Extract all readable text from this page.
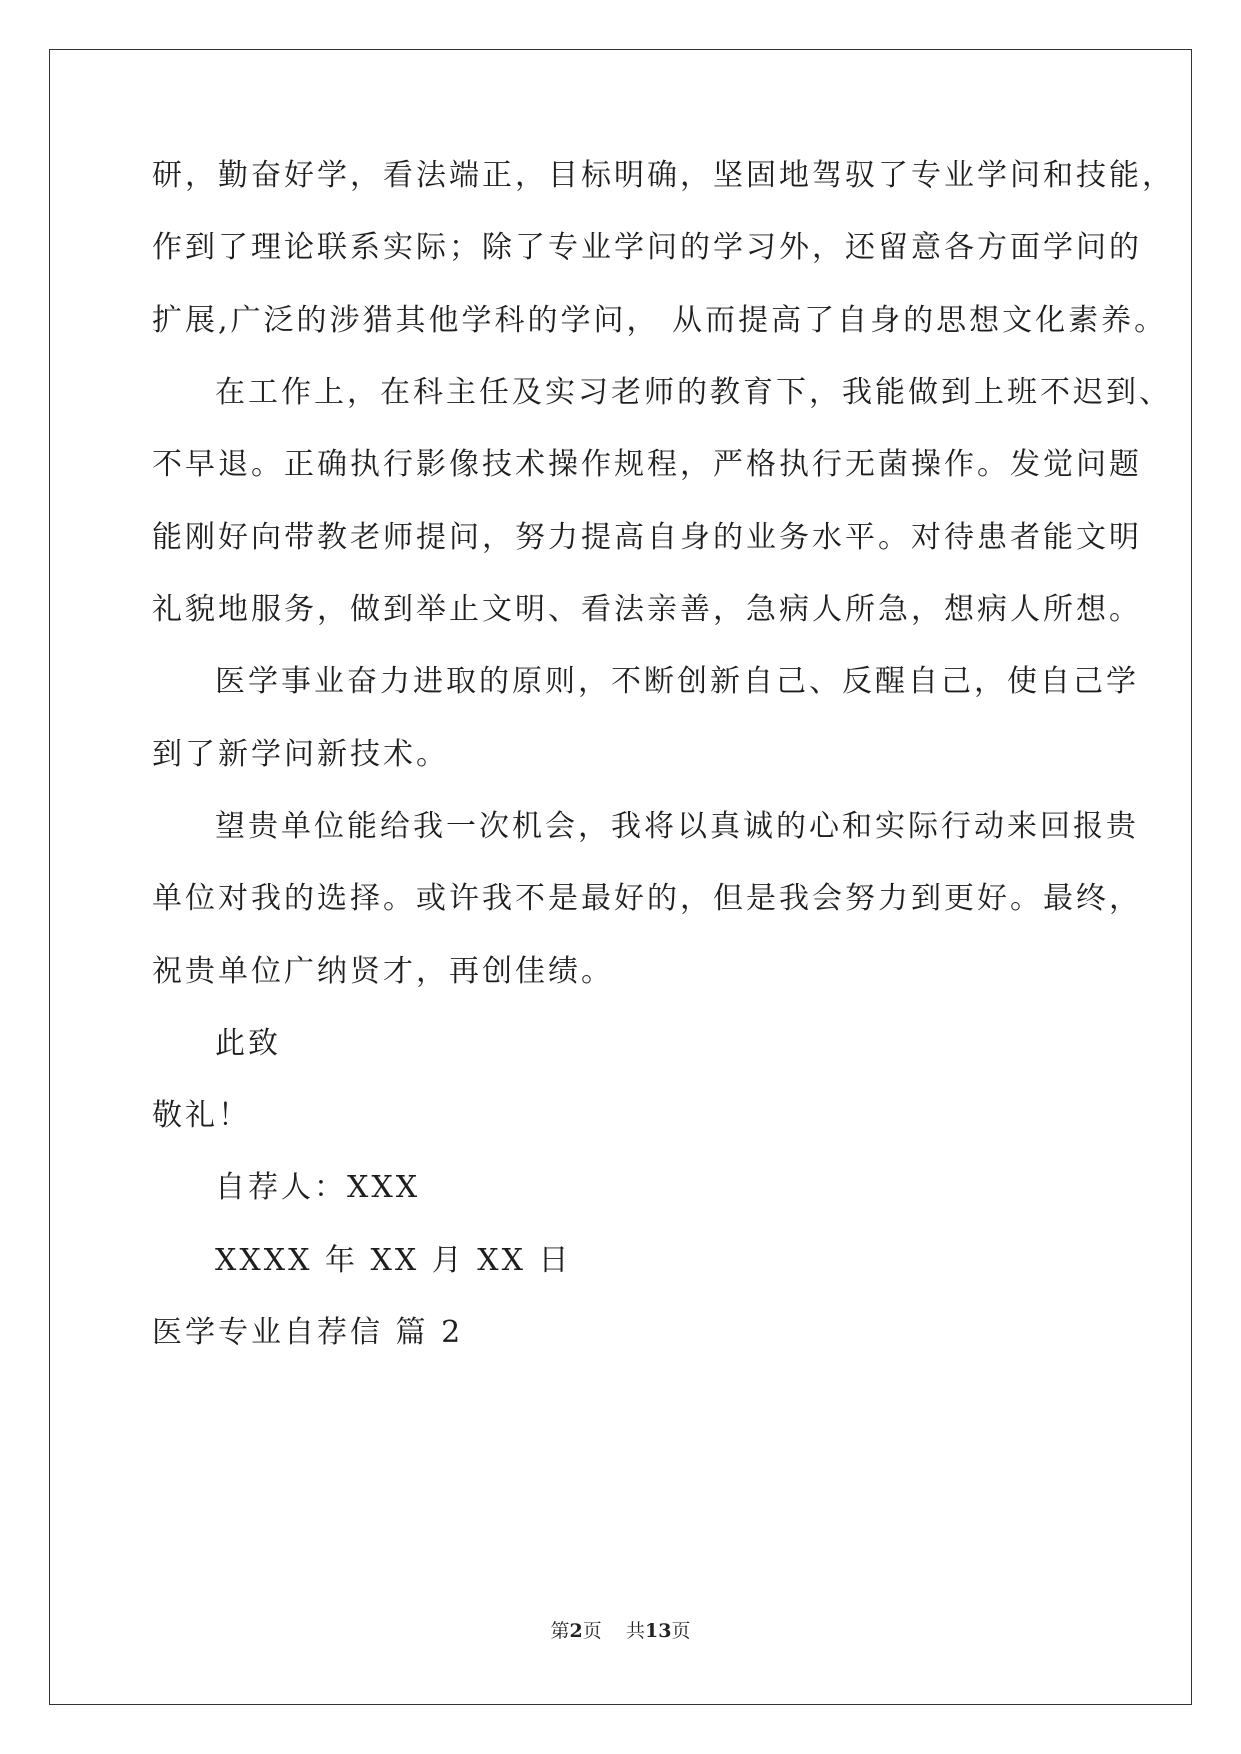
研，勤奋好学，看法端正，目标明确，坚固地驾驭了专业学问和技能，
作到了理论联系实际；除了专业学问的学习外，还留意各方面学问的
扩展,广泛的涉猎其他学科的学问， 从而提高了自身的思想文化素养。
在工作上，在科主任及实习老师的教育下，我能做到上班不迟到、
不早退。正确执行影像技术操作规程，严格执行无菌操作。发觉问题
能刚好向带教老师提问，努力提高自身的业务水平。对待患者能文明
礼貌地服务，做到举止文明、看法亲善，急病人所急，想病人所想。
医学事业奋力进取的原则，不断创新自己、反醒自己，使自己学
到了新学问新技术。
望贵单位能给我一次机会，我将以真诚的心和实际行动来回报贵
单位对我的选择。或许我不是最好的，但是我会努力到更好。最终，
祝贵单位广纳贤才，再创佳绩。
此致
敬礼！
自荐人：XXX
XXXX 年 XX 月 XX 日
医学专业自荐信 篇 2
第2页 共13页
